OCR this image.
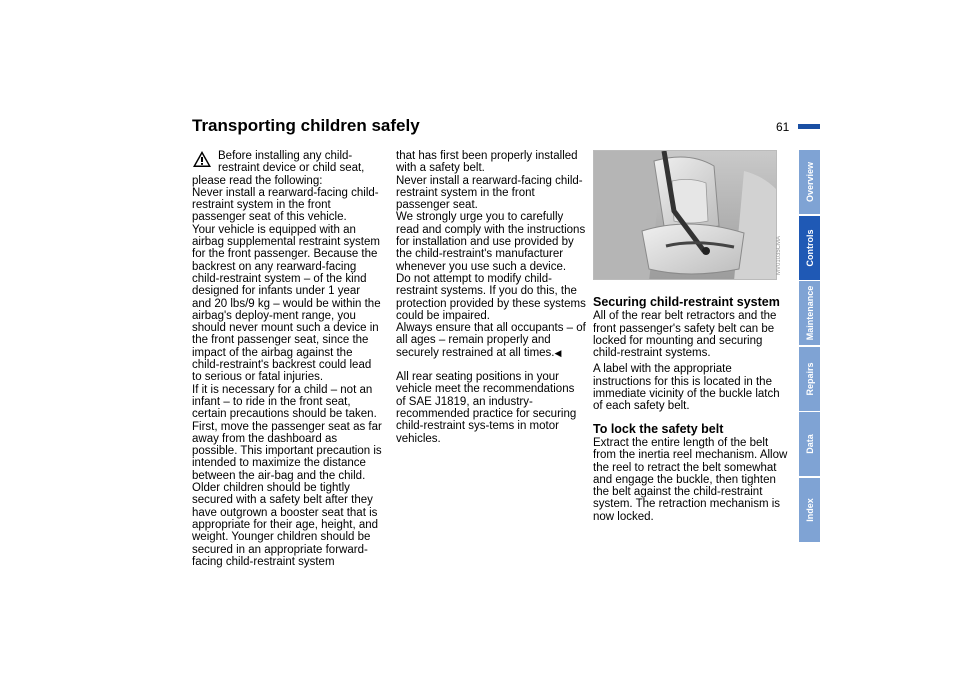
Transporting children safely	61

Before installing any child-restraint device or child seat,

please read the following:

Never install a rearward-facing child-restraint system in the front passenger seat of this vehicle.

Your vehicle is equipped with an airbag supplemental restraint system for the front passenger. Because the backrest on any rearward-facing child-restraint system – of the kind designed for infants under 1 year and 20 lbs/9 kg – would be within the airbag's deploy-ment range, you should never mount such a device in the front passenger seat, since the impact of the airbag against the child-restraint's backrest could lead to serious or fatal injuries.

If it is necessary for a child – not an infant – to ride in the front seat, certain precautions should be taken. First, move the passenger seat as far away from the dashboard as possible. This important precaution is intended to maximize the distance between the air-bag and the child. Older children should be tightly secured with a safety belt after they have outgrown a booster seat that is appropriate for their age, height, and weight. Younger children should be secured in an appropriate forward-facing child-restraint system

that has first been properly installed with a safety belt.

Never install a rearward-facing child-restraint system in the front passenger seat.

We strongly urge you to carefully read and comply with the instructions for installation and use provided by the child-restraint's manufacturer whenever you use such a device.

Do not attempt to modify child-restraint systems. If you do this, the protection provided by these systems could be impaired.

Always ensure that all occupants – of all ages – remain properly and securely restrained at all times.◀

All rear seating positions in your vehicle meet the recommendations of SAE J1819, an industry-recommended practice for securing child-restraint sys-tems in motor vehicles.

MV01035CMA
Securing child-restraint system

All of the rear belt retractors and the front passenger's safety belt can be locked for mounting and securing child-restraint systems.

A label with the appropriate instructions for this is located in the immediate vicinity of the buckle latch of each safety belt.

To lock the safety belt

Extract the entire length of the belt from the inertia reel mechanism. Allow the reel to retract the belt somewhat and engage the buckle, then tighten the belt against the child-restraint system. The retraction mechanism is now locked.

Overview
Controls
Maintenance
Repairs
Data
Index
